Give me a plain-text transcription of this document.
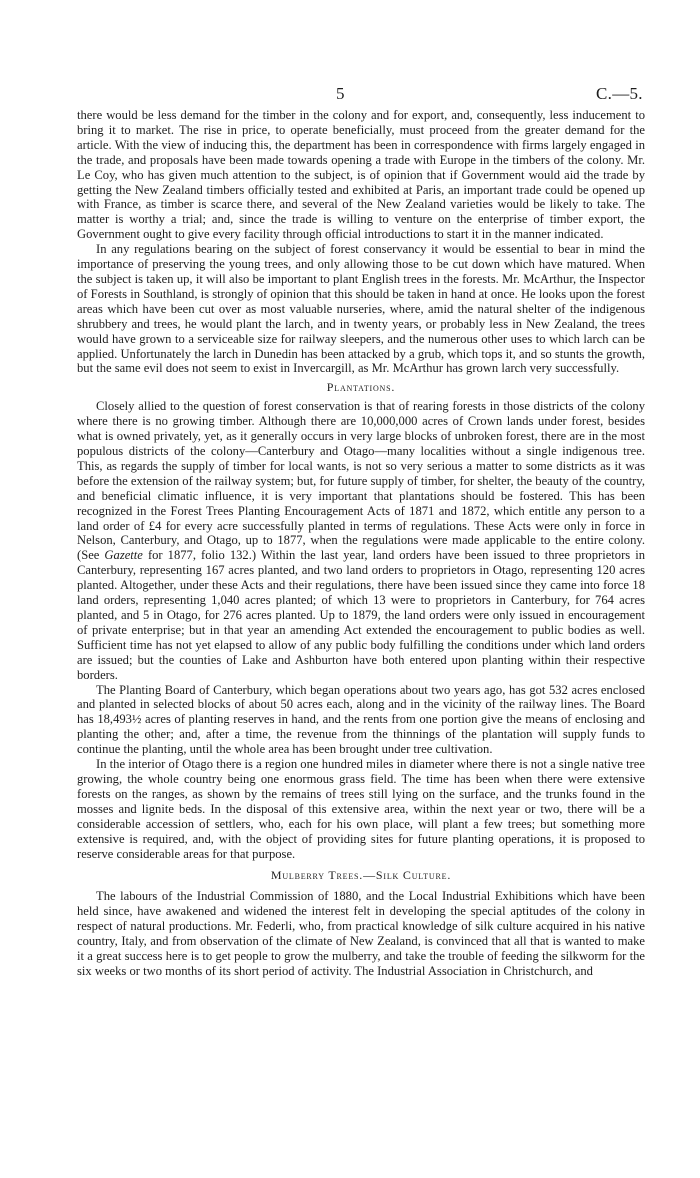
5	C.—5.

there would be less demand for the timber in the colony and for export, and, consequently, less inducement to bring it to market. The rise in price, to operate beneficially, must proceed from the greater demand for the article. With the view of inducing this, the department has been in correspondence with firms largely engaged in the trade, and proposals have been made towards opening a trade with Europe in the timbers of the colony. Mr. Le Coy, who has given much attention to the subject, is of opinion that if Government would aid the trade by getting the New Zealand timbers officially tested and exhibited at Paris, an important trade could be opened up with France, as timber is scarce there, and several of the New Zealand varieties would be likely to take. The matter is worthy a trial; and, since the trade is willing to venture on the enterprise of timber export, the Government ought to give every facility through official introductions to start it in the manner indicated.

In any regulations bearing on the subject of forest conservancy it would be essential to bear in mind the importance of preserving the young trees, and only allowing those to be cut down which have matured. When the subject is taken up, it will also be important to plant English trees in the forests. Mr. McArthur, the Inspector of Forests in Southland, is strongly of opinion that this should be taken in hand at once. He looks upon the forest areas which have been cut over as most valuable nurseries, where, amid the natural shelter of the indigenous shrubbery and trees, he would plant the larch, and in twenty years, or probably less in New Zealand, the trees would have grown to a serviceable size for railway sleepers, and the numerous other uses to which larch can be applied. Unfortunately the larch in Dunedin has been attacked by a grub, which tops it, and so stunts the growth, but the same evil does not seem to exist in Invercargill, as Mr. McArthur has grown larch very successfully.

Plantations.

Closely allied to the question of forest conservation is that of rearing forests in those districts of the colony where there is no growing timber. Although there are 10,000,000 acres of Crown lands under forest, besides what is owned privately, yet, as it generally occurs in very large blocks of unbroken forest, there are in the most populous districts of the colony—Canterbury and Otago—many localities without a single indigenous tree. This, as regards the supply of timber for local wants, is not so very serious a matter to some districts as it was before the extension of the railway system; but, for future supply of timber, for shelter, the beauty of the country, and beneficial climatic influence, it is very important that plantations should be fostered. This has been recognized in the Forest Trees Planting Encouragement Acts of 1871 and 1872, which entitle any person to a land order of £4 for every acre successfully planted in terms of regulations. These Acts were only in force in Nelson, Canterbury, and Otago, up to 1877, when the regulations were made applicable to the entire colony. (See Gazette for 1877, folio 132.) Within the last year, land orders have been issued to three proprietors in Canterbury, representing 167 acres planted, and two land orders to proprietors in Otago, representing 120 acres planted. Altogether, under these Acts and their regulations, there have been issued since they came into force 18 land orders, representing 1,040 acres planted; of which 13 were to proprietors in Canterbury, for 764 acres planted, and 5 in Otago, for 276 acres planted. Up to 1879, the land orders were only issued in encouragement of private enterprise; but in that year an amending Act extended the encouragement to public bodies as well. Sufficient time has not yet elapsed to allow of any public body fulfilling the conditions under which land orders are issued; but the counties of Lake and Ashburton have both entered upon planting within their respective borders.

The Planting Board of Canterbury, which began operations about two years ago, has got 532 acres enclosed and planted in selected blocks of about 50 acres each, along and in the vicinity of the railway lines. The Board has 18,493½ acres of planting reserves in hand, and the rents from one portion give the means of enclosing and planting the other; and, after a time, the revenue from the thinnings of the plantation will supply funds to continue the planting, until the whole area has been brought under tree cultivation.

In the interior of Otago there is a region one hundred miles in diameter where there is not a single native tree growing, the whole country being one enormous grass field. The time has been when there were extensive forests on the ranges, as shown by the remains of trees still lying on the surface, and the trunks found in the mosses and lignite beds. In the disposal of this extensive area, within the next year or two, there will be a considerable accession of settlers, who, each for his own place, will plant a few trees; but something more extensive is required, and, with the object of providing sites for future planting operations, it is proposed to reserve considerable areas for that purpose.

Mulberry Trees.—Silk Culture.

The labours of the Industrial Commission of 1880, and the Local Industrial Exhibitions which have been held since, have awakened and widened the interest felt in developing the special aptitudes of the colony in respect of natural productions. Mr. Federli, who, from practical knowledge of silk culture acquired in his native country, Italy, and from observation of the climate of New Zealand, is convinced that all that is wanted to make it a great success here is to get people to grow the mulberry, and take the trouble of feeding the silkworm for the six weeks or two months of its short period of activity. The Industrial Association in Christchurch, and
